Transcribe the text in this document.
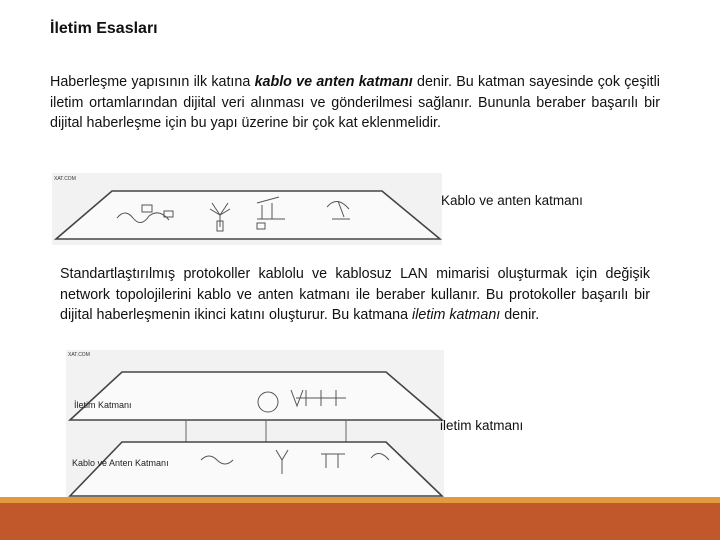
İletim Esasları
Haberleşme yapısının ilk katına kablo ve anten katmanı denir. Bu katman sayesinde çok çeşitli iletim ortamlarından dijital veri alınması ve gönderilmesi sağlanır. Bununla beraber başarılı bir dijital haberleşme için bu yapı üzerine bir çok kat eklenmelidir.
XAT.COM
Kablo ve anten katmanı
Standartlaştırılmış protokoller kablolu ve kablosuz LAN mimarisi oluşturmak için değişik network topolojilerini kablo ve anten katmanı ile beraber kullanır. Bu protokoller başarılı bir dijital haberleşmenin ikinci katını oluşturur. Bu katmana iletim katmanı denir.
XAT.COM
İletim Katmanı
Kablo ve Anten Katmanı
iletim katmanı
